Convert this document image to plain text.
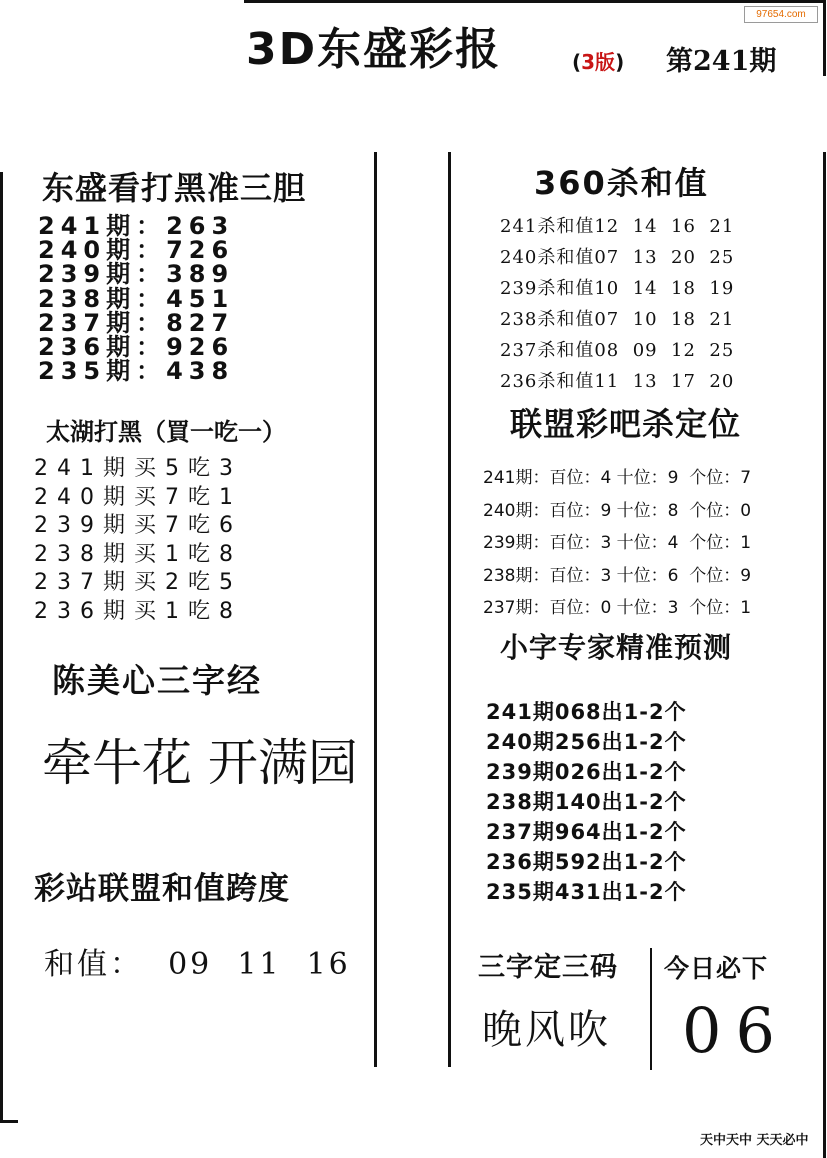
97654.com
3D东盛彩报	(3版) 第241期
东盛看打黑准三胆
241期：263
240期：726
239期：389
238期：451
237期：827
236期：926
235期：438
太湖打黑（買一吃一）
241期买5吃3
240期买7吃1
239期买7吃6
238期买1吃8
237期买2吃5
236期买1吃8
陈美心三字经
牵牛花 开满园
彩站联盟和值跨度
和值：  09  11  16
360杀和值
241杀和值12  14  16  21
240杀和值07  13  20  25
239杀和值10  14  18  19
238杀和值07  10  18  21
237杀和值08  09  12  25
236杀和值11  13  17  20
联盟彩吧杀定位
241期：百位：4 十位：9  个位：7
240期：百位：9 十位：8  个位：0
239期：百位：3 十位：4  个位：1
238期：百位：3 十位：6  个位：9
237期：百位：0 十位：3  个位：1
小字专家精准预测
241期068出1-2个
240期256出1-2个
239期026出1-2个
238期140出1-2个
237期964出1-2个
236期592出1-2个
235期431出1-2个
三字定三码
晚风吹
今日必下
06
天中天中 天天必中
